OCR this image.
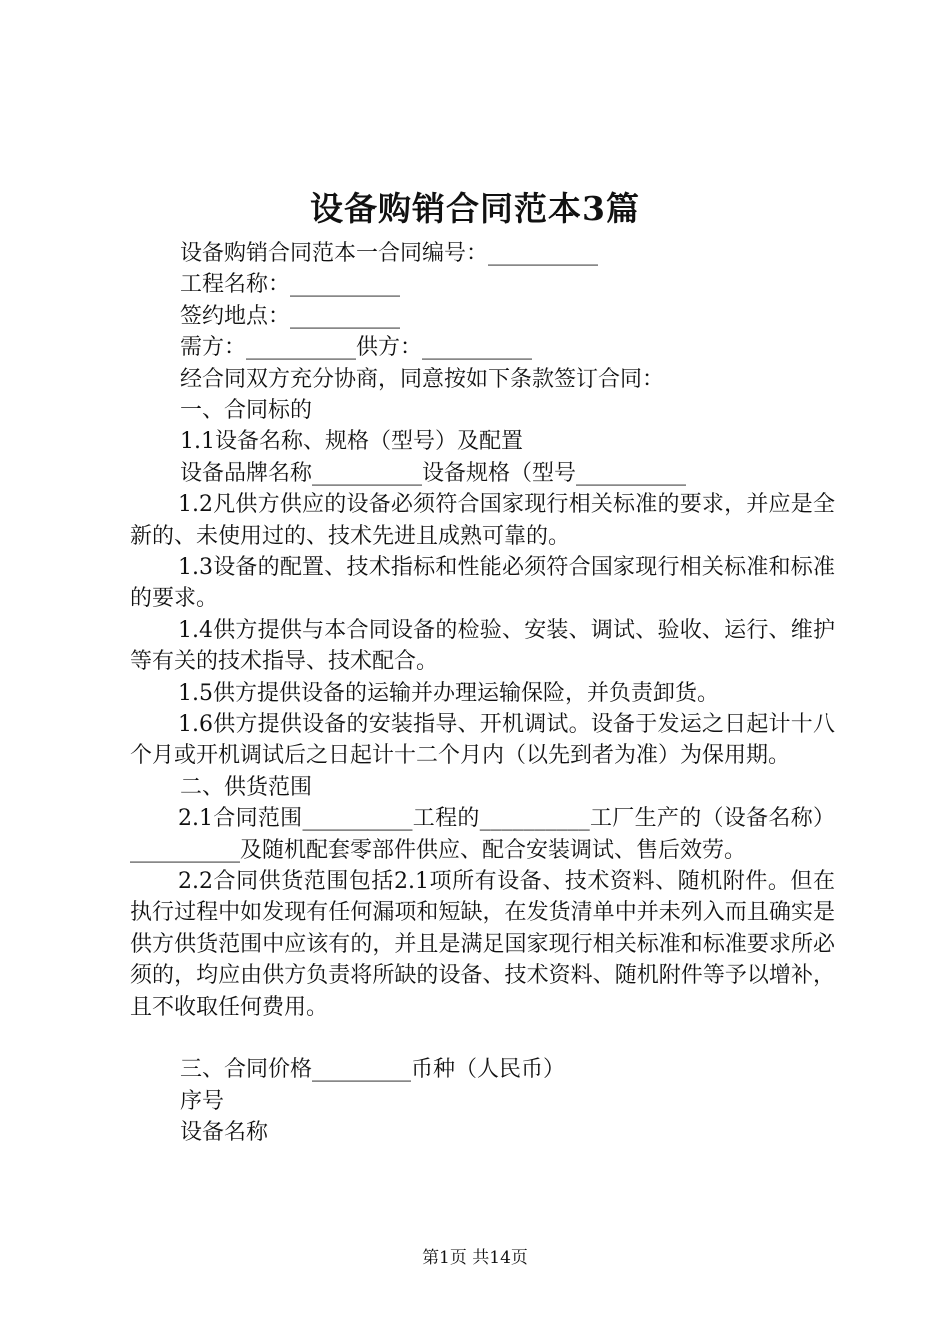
设备购销合同范本3篇
设备购销合同范本一合同编号：__________
工程名称：__________
签约地点：__________
需方：__________供方：__________
经合同双方充分协商，同意按如下条款签订合同：
一、合同标的
1.1设备名称、规格（型号）及配置
设备品牌名称__________设备规格（型号__________
1.2凡供方供应的设备必须符合国家现行相关标准的要求，并应是全新的、未使用过的、技术先进且成熟可靠的。
1.3设备的配置、技术指标和性能必须符合国家现行相关标准和标准的要求。
1.4供方提供与本合同设备的检验、安装、调试、验收、运行、维护等有关的技术指导、技术配合。
1.5供方提供设备的运输并办理运输保险，并负责卸货。
1.6供方提供设备的安装指导、开机调试。设备于发运之日起计十八个月或开机调试后之日起计十二个月内（以先到者为准）为保用期。
二、供货范围
2.1合同范围__________工程的__________工厂生产的（设备名称）__________及随机配套零部件供应、配合安装调试、售后效劳。
2.2合同供货范围包括2.1项所有设备、技术资料、随机附件。但在执行过程中如发现有任何漏项和短缺，在发货清单中并未列入而且确实是供方供货范围中应该有的，并且是满足国家现行相关标准和标准要求所必须的，均应由供方负责将所缺的设备、技术资料、随机附件等予以增补，且不收取任何费用。
三、合同价格_________币种（人民币）
序号
设备名称
第1页 共14页
